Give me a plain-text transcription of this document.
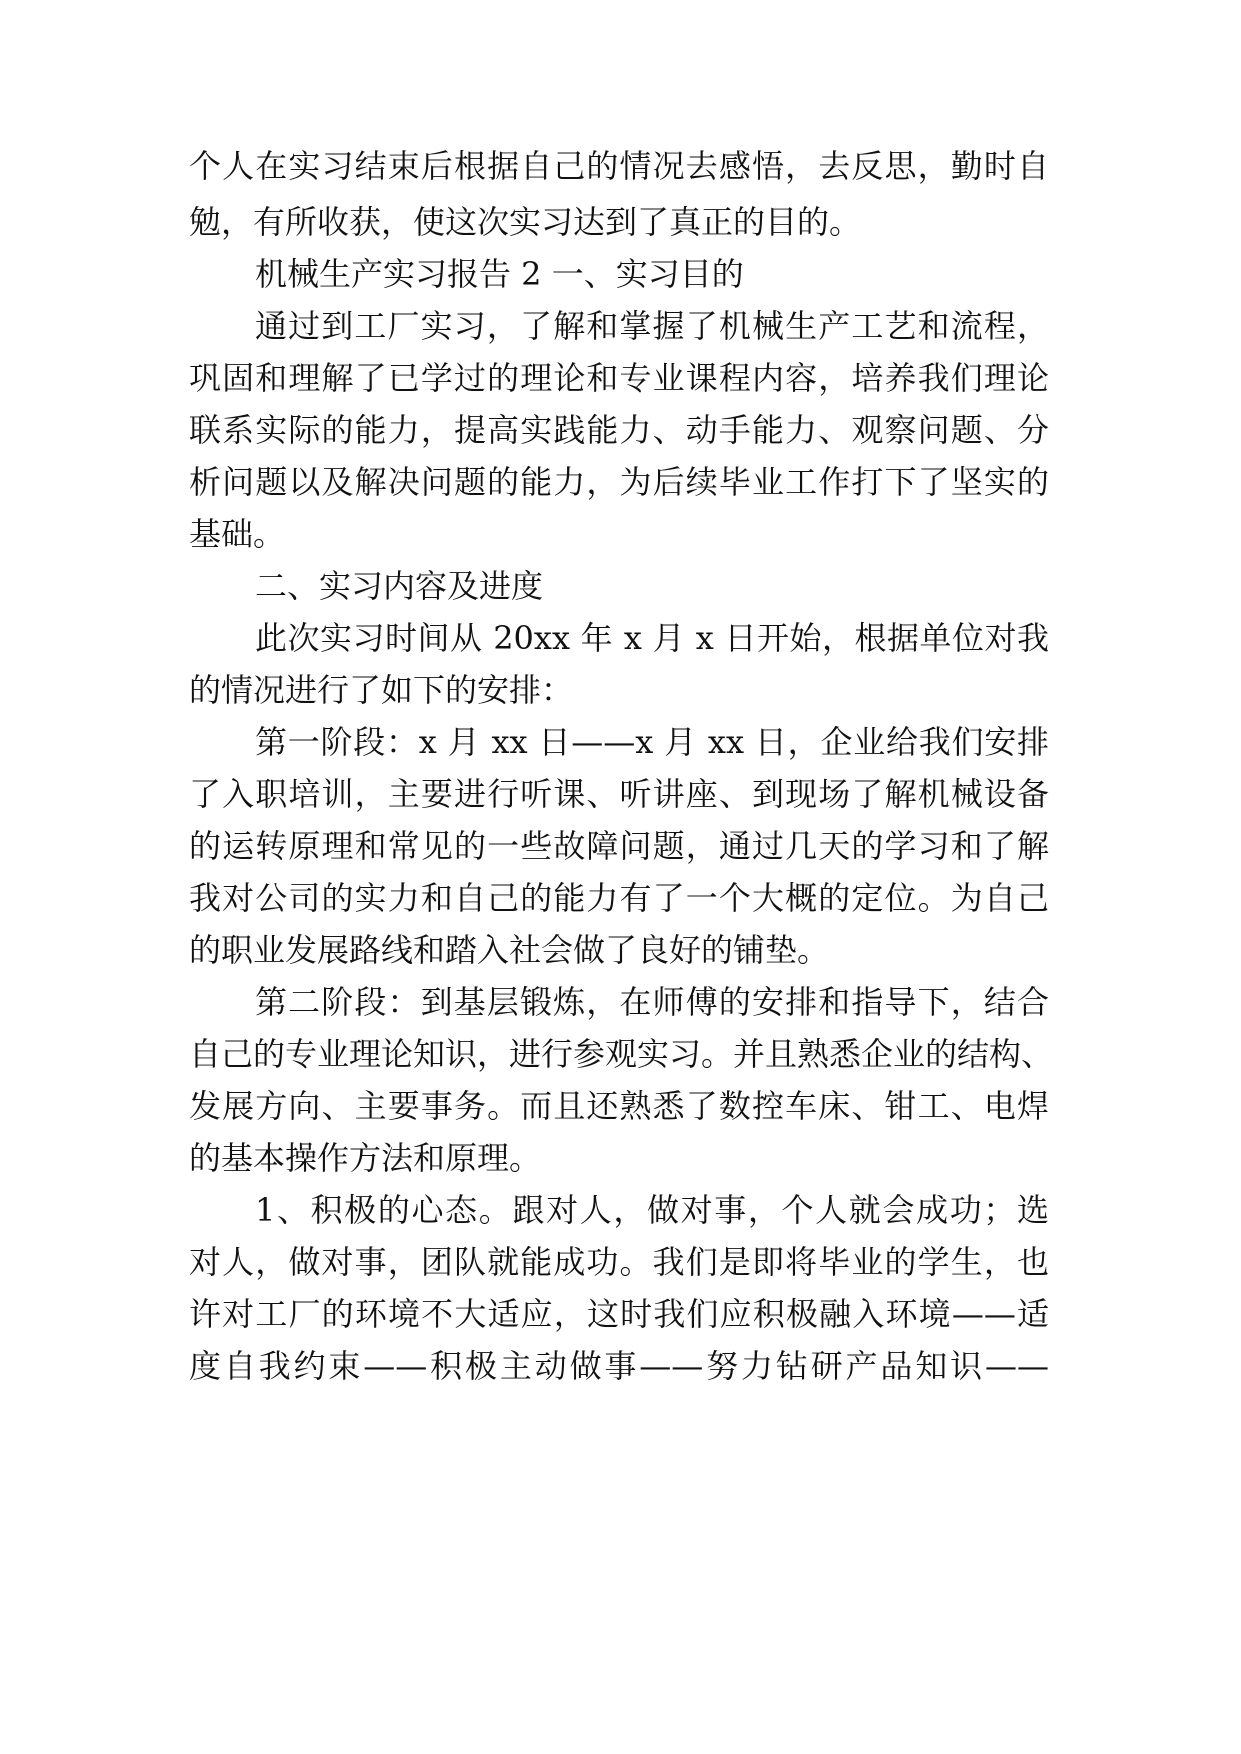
个人在实习结束后根据自己的情况去感悟，去反思，勤时自

勉，有所收获，使这次实习达到了真正的目的。

机械生产实习报告 2 一、实习目的

通过到工厂实习，了解和掌握了机械生产工艺和流程，

巩固和理解了已学过的理论和专业课程内容，培养我们理论

联系实际的能力，提高实践能力、动手能力、观察问题、分

析问题以及解决问题的能力，为后续毕业工作打下了坚实的

基础。

二、实习内容及进度

此次实习时间从 20xx 年 x 月 x 日开始，根据单位对我

的情况进行了如下的安排：

第一阶段：x 月 xx 日——x 月 xx 日，企业给我们安排

了入职培训，主要进行听课、听讲座、到现场了解机械设备

的运转原理和常见的一些故障问题，通过几天的学习和了解

我对公司的实力和自己的能力有了一个大概的定位。为自己

的职业发展路线和踏入社会做了良好的铺垫。

第二阶段：到基层锻炼，在师傅的安排和指导下，结合

自己的专业理论知识，进行参观实习。并且熟悉企业的结构、

发展方向、主要事务。而且还熟悉了数控车床、钳工、电焊

的基本操作方法和原理。

1、积极的心态。跟对人，做对事，个人就会成功；选

对人，做对事，团队就能成功。我们是即将毕业的学生，也

许对工厂的环境不大适应，这时我们应积极融入环境——适

度自我约束——积极主动做事——努力钻研产品知识——
